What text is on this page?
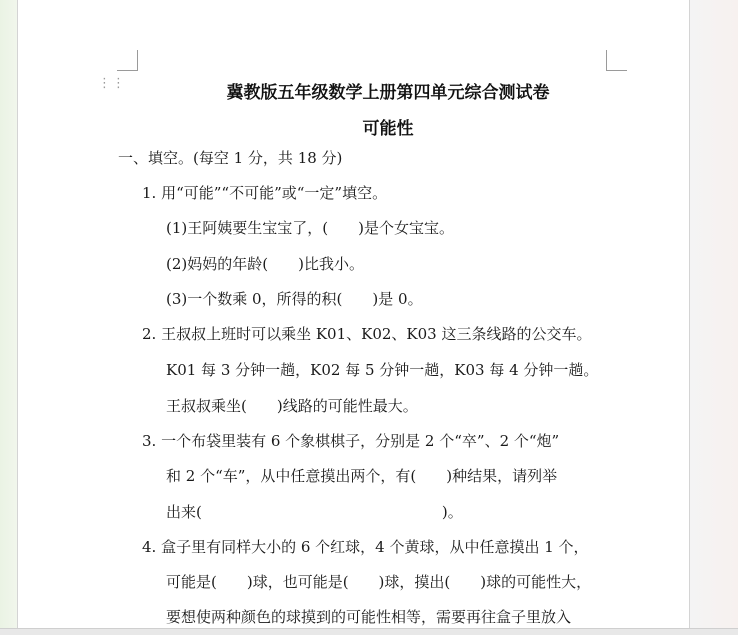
⋮⋮	冀教版五年级数学上册第四单元综合测试卷
可能性
一、填空。(每空 1 分，共 18 分)
1. 用“可能”“不可能”或“一定”填空。
(1)王阿姨要生宝宝了，(　　)是个女宝宝。
(2)妈妈的年龄(　　)比我小。
(3)一个数乘 0，所得的积(　　)是 0。
2. 王叔叔上班时可以乘坐 K01、K02、K03 这三条线路的公交车。
K01 每 3 分钟一趟，K02 每 5 分钟一趟，K03 每 4 分钟一趟。
王叔叔乘坐(　　)线路的可能性最大。
3. 一个布袋里装有 6 个象棋棋子，分别是 2 个“卒”、2 个“炮”
和 2 个“车”，从中任意摸出两个，有(　　)种结果，请列举
出来(　　　　　　　　　　　　　　　　)。
4. 盒子里有同样大小的 6 个红球，4 个黄球，从中任意摸出 1 个，
可能是(　　)球，也可能是(　　)球，摸出(　　)球的可能性大，
要想使两种颜色的球摸到的可能性相等，需要再往盒子里放入
